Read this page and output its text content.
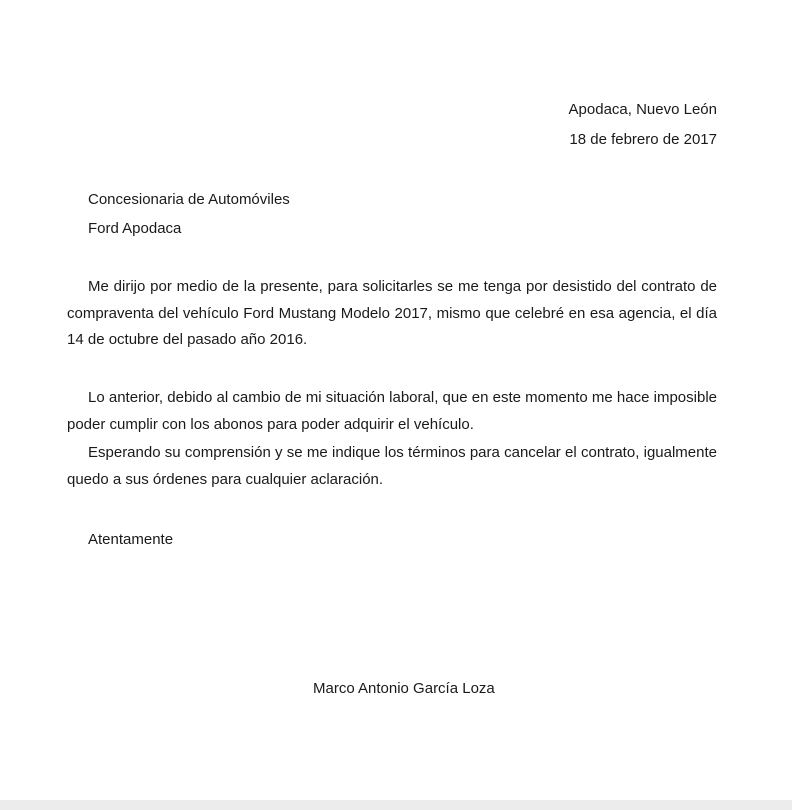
Apodaca, Nuevo León
18 de febrero de 2017
Concesionaria de Automóviles
Ford Apodaca

Me dirijo por medio de la presente, para solicitarles se me tenga por desistido del contrato de compraventa del vehículo Ford Mustang Modelo 2017, mismo que celebré en esa agencia, el día 14 de octubre del pasado año 2016.

Lo anterior, debido al cambio de mi situación laboral, que en este momento me hace imposible poder cumplir con los abonos para poder adquirir el vehículo.

Esperando su comprensión y se me indique los términos para cancelar el contrato, igualmente quedo a sus órdenes para cualquier aclaración.

Atentamente
Marco Antonio García Loza
